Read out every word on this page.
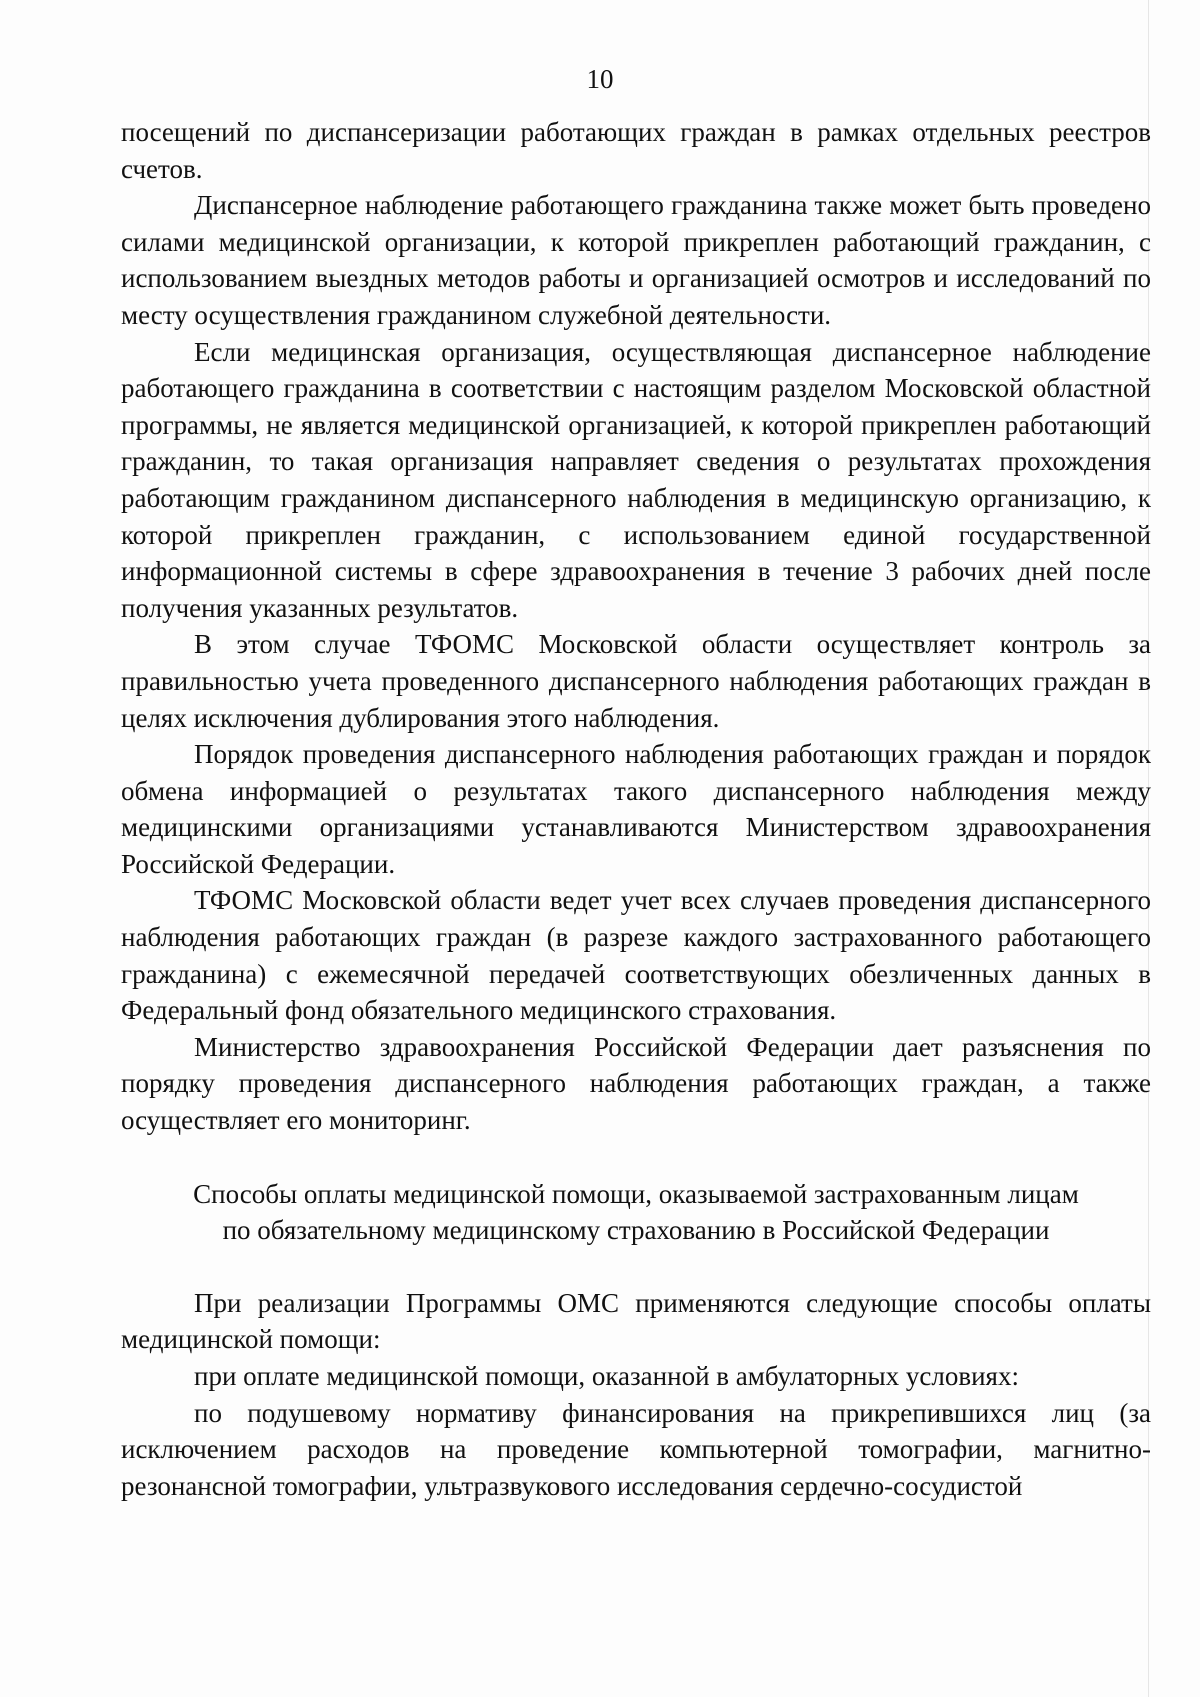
10

посещений по диспансеризации работающих граждан в рамках отдельных реестров счетов.

Диспансерное наблюдение работающего гражданина также может быть проведено силами медицинской организации, к которой прикреплен работающий гражданин, с использованием выездных методов работы и организацией осмотров и исследований по месту осуществления гражданином служебной деятельности.

Если медицинская организация, осуществляющая диспансерное наблюдение работающего гражданина в соответствии с настоящим разделом Московской областной программы, не является медицинской организацией, к которой прикреплен работающий гражданин, то такая организация направляет сведения о результатах прохождения работающим гражданином диспансерного наблюдения в медицинскую организацию, к которой прикреплен гражданин, с использованием единой государственной информационной системы в сфере здравоохранения в течение 3 рабочих дней после получения указанных результатов.

В этом случае ТФОМС Московской области осуществляет контроль за правильностью учета проведенного диспансерного наблюдения работающих граждан в целях исключения дублирования этого наблюдения.

Порядок проведения диспансерного наблюдения работающих граждан и порядок обмена информацией о результатах такого диспансерного наблюдения между медицинскими организациями устанавливаются Министерством здравоохранения Российской Федерации.

ТФОМС Московской области ведет учет всех случаев проведения диспансерного наблюдения работающих граждан (в разрезе каждого застрахованного работающего гражданина) с ежемесячной передачей соответствующих обезличенных данных в Федеральный фонд обязательного медицинского страхования.

Министерство здравоохранения Российской Федерации дает разъяснения по порядку проведения диспансерного наблюдения работающих граждан, а также осуществляет его мониторинг.

Способы оплаты медицинской помощи, оказываемой застрахованным лицам
по обязательному медицинскому страхованию в Российской Федерации

При реализации Программы ОМС применяются следующие способы оплаты медицинской помощи:

при оплате медицинской помощи, оказанной в амбулаторных условиях:

по подушевому нормативу финансирования на прикрепившихся лиц (за исключением расходов на проведение компьютерной томографии, магнитно-резонансной томографии, ультразвукового исследования сердечно-сосудистой
